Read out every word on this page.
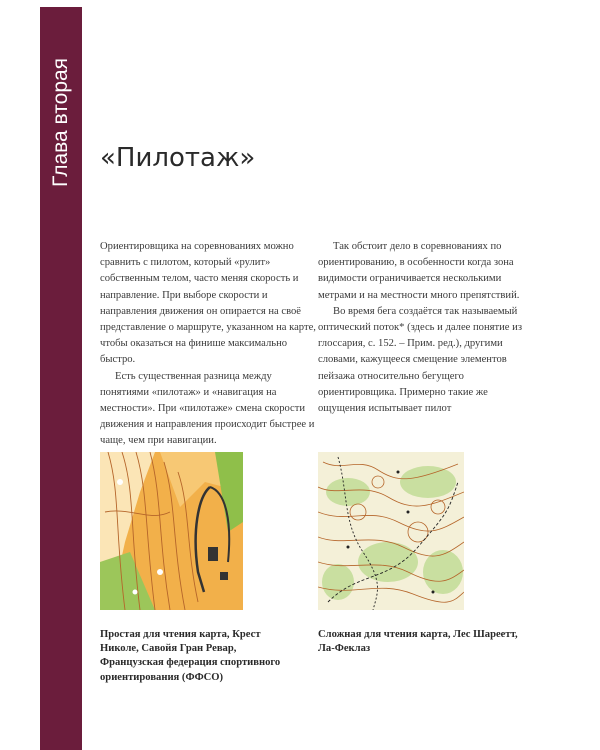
Глава вторая «Пилотаж»

Ориентировщика на соревнованиях можно сравнить с пилотом, который «рулит» собственным телом, часто меняя скорость и направление. При выборе скорости и направления движения он опирается на своё представление о маршруте, указанном на карте, чтобы оказаться на финише максимально быстро.

Есть существенная разница между понятиями «пилотаж» и «навигация на местности». При «пилотаже» смена скорости движения и направления происходит быстрее и чаще, чем при навигации.

Так обстоит дело в соревнованиях по ориентированию, в особенности когда зона видимости ограничивается несколькими метрами и на местности много препятствий.

Во время бега создаётся так называемый оптический поток* (здесь и далее понятие из глоссария, с. 152. – Прим. ред.), другими словами, кажущееся смещение элементов пейзажа относительно бегущего ориентировщика. Примерно такие же ощущения испытывает пилот

Простая для чтения карта, Крест Николе, Савойя Гран Ревар, Французская федерация спортивного ориентирования (ФФСО)
Сложная для чтения карта, Лес Шареетт, Ла-Феклаз
